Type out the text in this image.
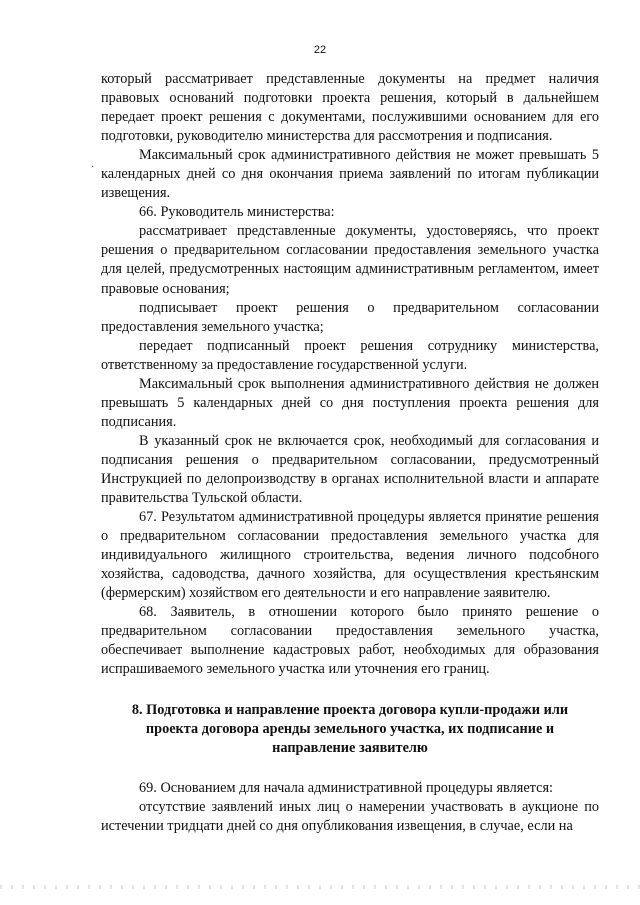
22
·

который рассматривает представленные документы на предмет наличия правовых оснований подготовки проекта решения, который в дальнейшем передает проект решения с документами, послужившими основанием для его подготовки, руководителю министерства для рассмотрения и подписания.

Максимальный срок административного действия не может превышать 5 календарных дней со дня окончания приема заявлений по итогам публикации извещения.

66. Руководитель министерства:

рассматривает представленные документы, удостоверяясь, что проект решения о предварительном согласовании предоставления земельного участка для целей, предусмотренных настоящим административным регламентом, имеет правовые основания;

подписывает проект решения о предварительном согласовании предоставления земельного участка;

передает подписанный проект решения сотруднику министерства, ответственному за предоставление государственной услуги.

Максимальный срок выполнения административного действия не должен превышать 5 календарных дней со дня поступления проекта решения для подписания.

В указанный срок не включается срок, необходимый для согласования и подписания решения о предварительном согласовании, предусмотренный Инструкцией по делопроизводству в органах исполнительной власти и аппарате правительства Тульской области.

67. Результатом административной процедуры является принятие решения о предварительном согласовании предоставления земельного участка для индивидуального жилищного строительства, ведения личного подсобного хозяйства, садоводства, дачного хозяйства, для осуществления крестьянским (фермерским) хозяйством его деятельности и его направление заявителю.

68. Заявитель, в отношении которого было принято решение о предварительном согласовании предоставления земельного участка, обеспечивает выполнение кадастровых работ, необходимых для образования испрашиваемого земельного участка или уточнения его границ.

8. Подготовка и направление проекта договора купли-продажи или проекта договора аренды земельного участка, их подписание и направление заявителю

69. Основанием для начала административной процедуры является:

отсутствие заявлений иных лиц о намерении участвовать в аукционе по истечении тридцати дней со дня опубликования извещения, в случае, если на
